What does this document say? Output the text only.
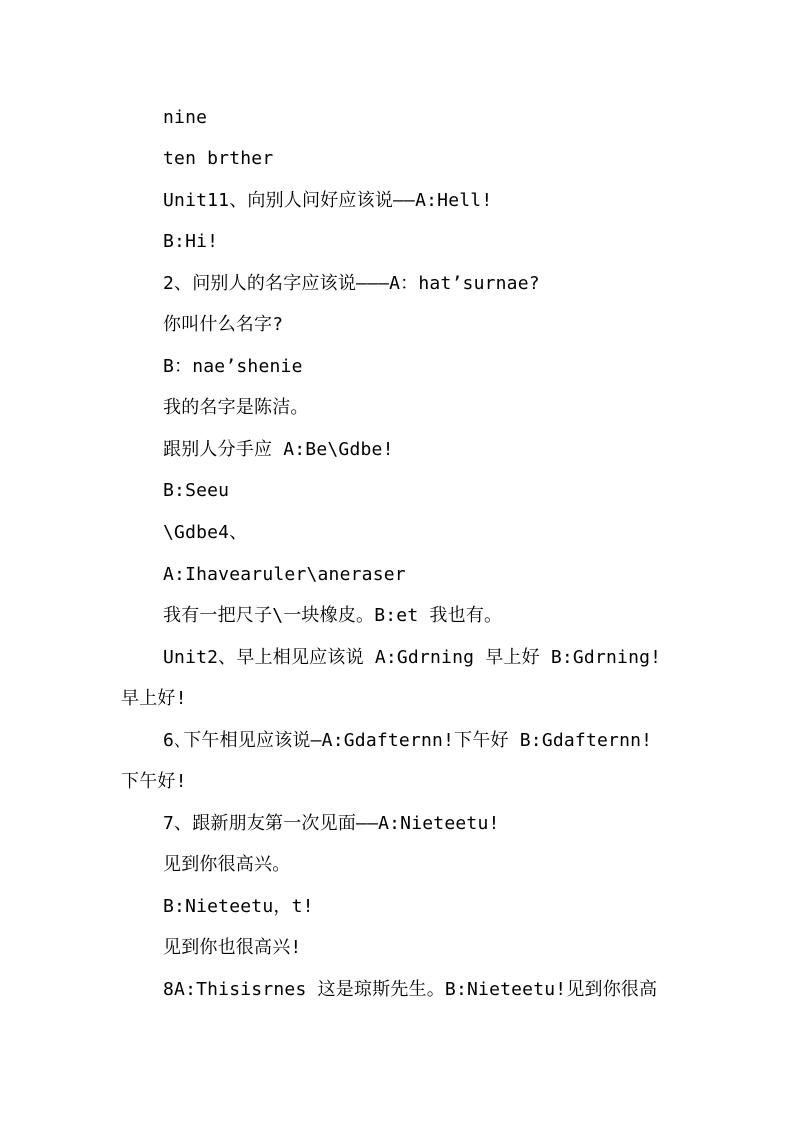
nine
ten brther
Unit11、向别人问好应该说——A:Hell!
B:Hi!
2、问别人的名字应该说———A：hat’surnae?
你叫什么名字?
B：nae’shenie
我的名字是陈洁。
跟别人分手应 A:Be\Gdbe!
B:Seeu
\Gdbe4、
A:Ihavearuler\aneraser
我有一把尺子\一块橡皮。B:et 我也有。
Unit2、早上相见应该说 A:Gdrning 早上好 B:Gdrning!
早上好!
6､下午相见应该说—A:Gdafternn!下午好 B:Gdafternn!
下午好!
7、跟新朋友第一次见面——A:Nieteetu!
见到你很高兴。
B:Nieteetu，t!
见到你也很高兴!
8A:Thisisrnes 这是琼斯先生。B:Nieteetu!见到你很高
